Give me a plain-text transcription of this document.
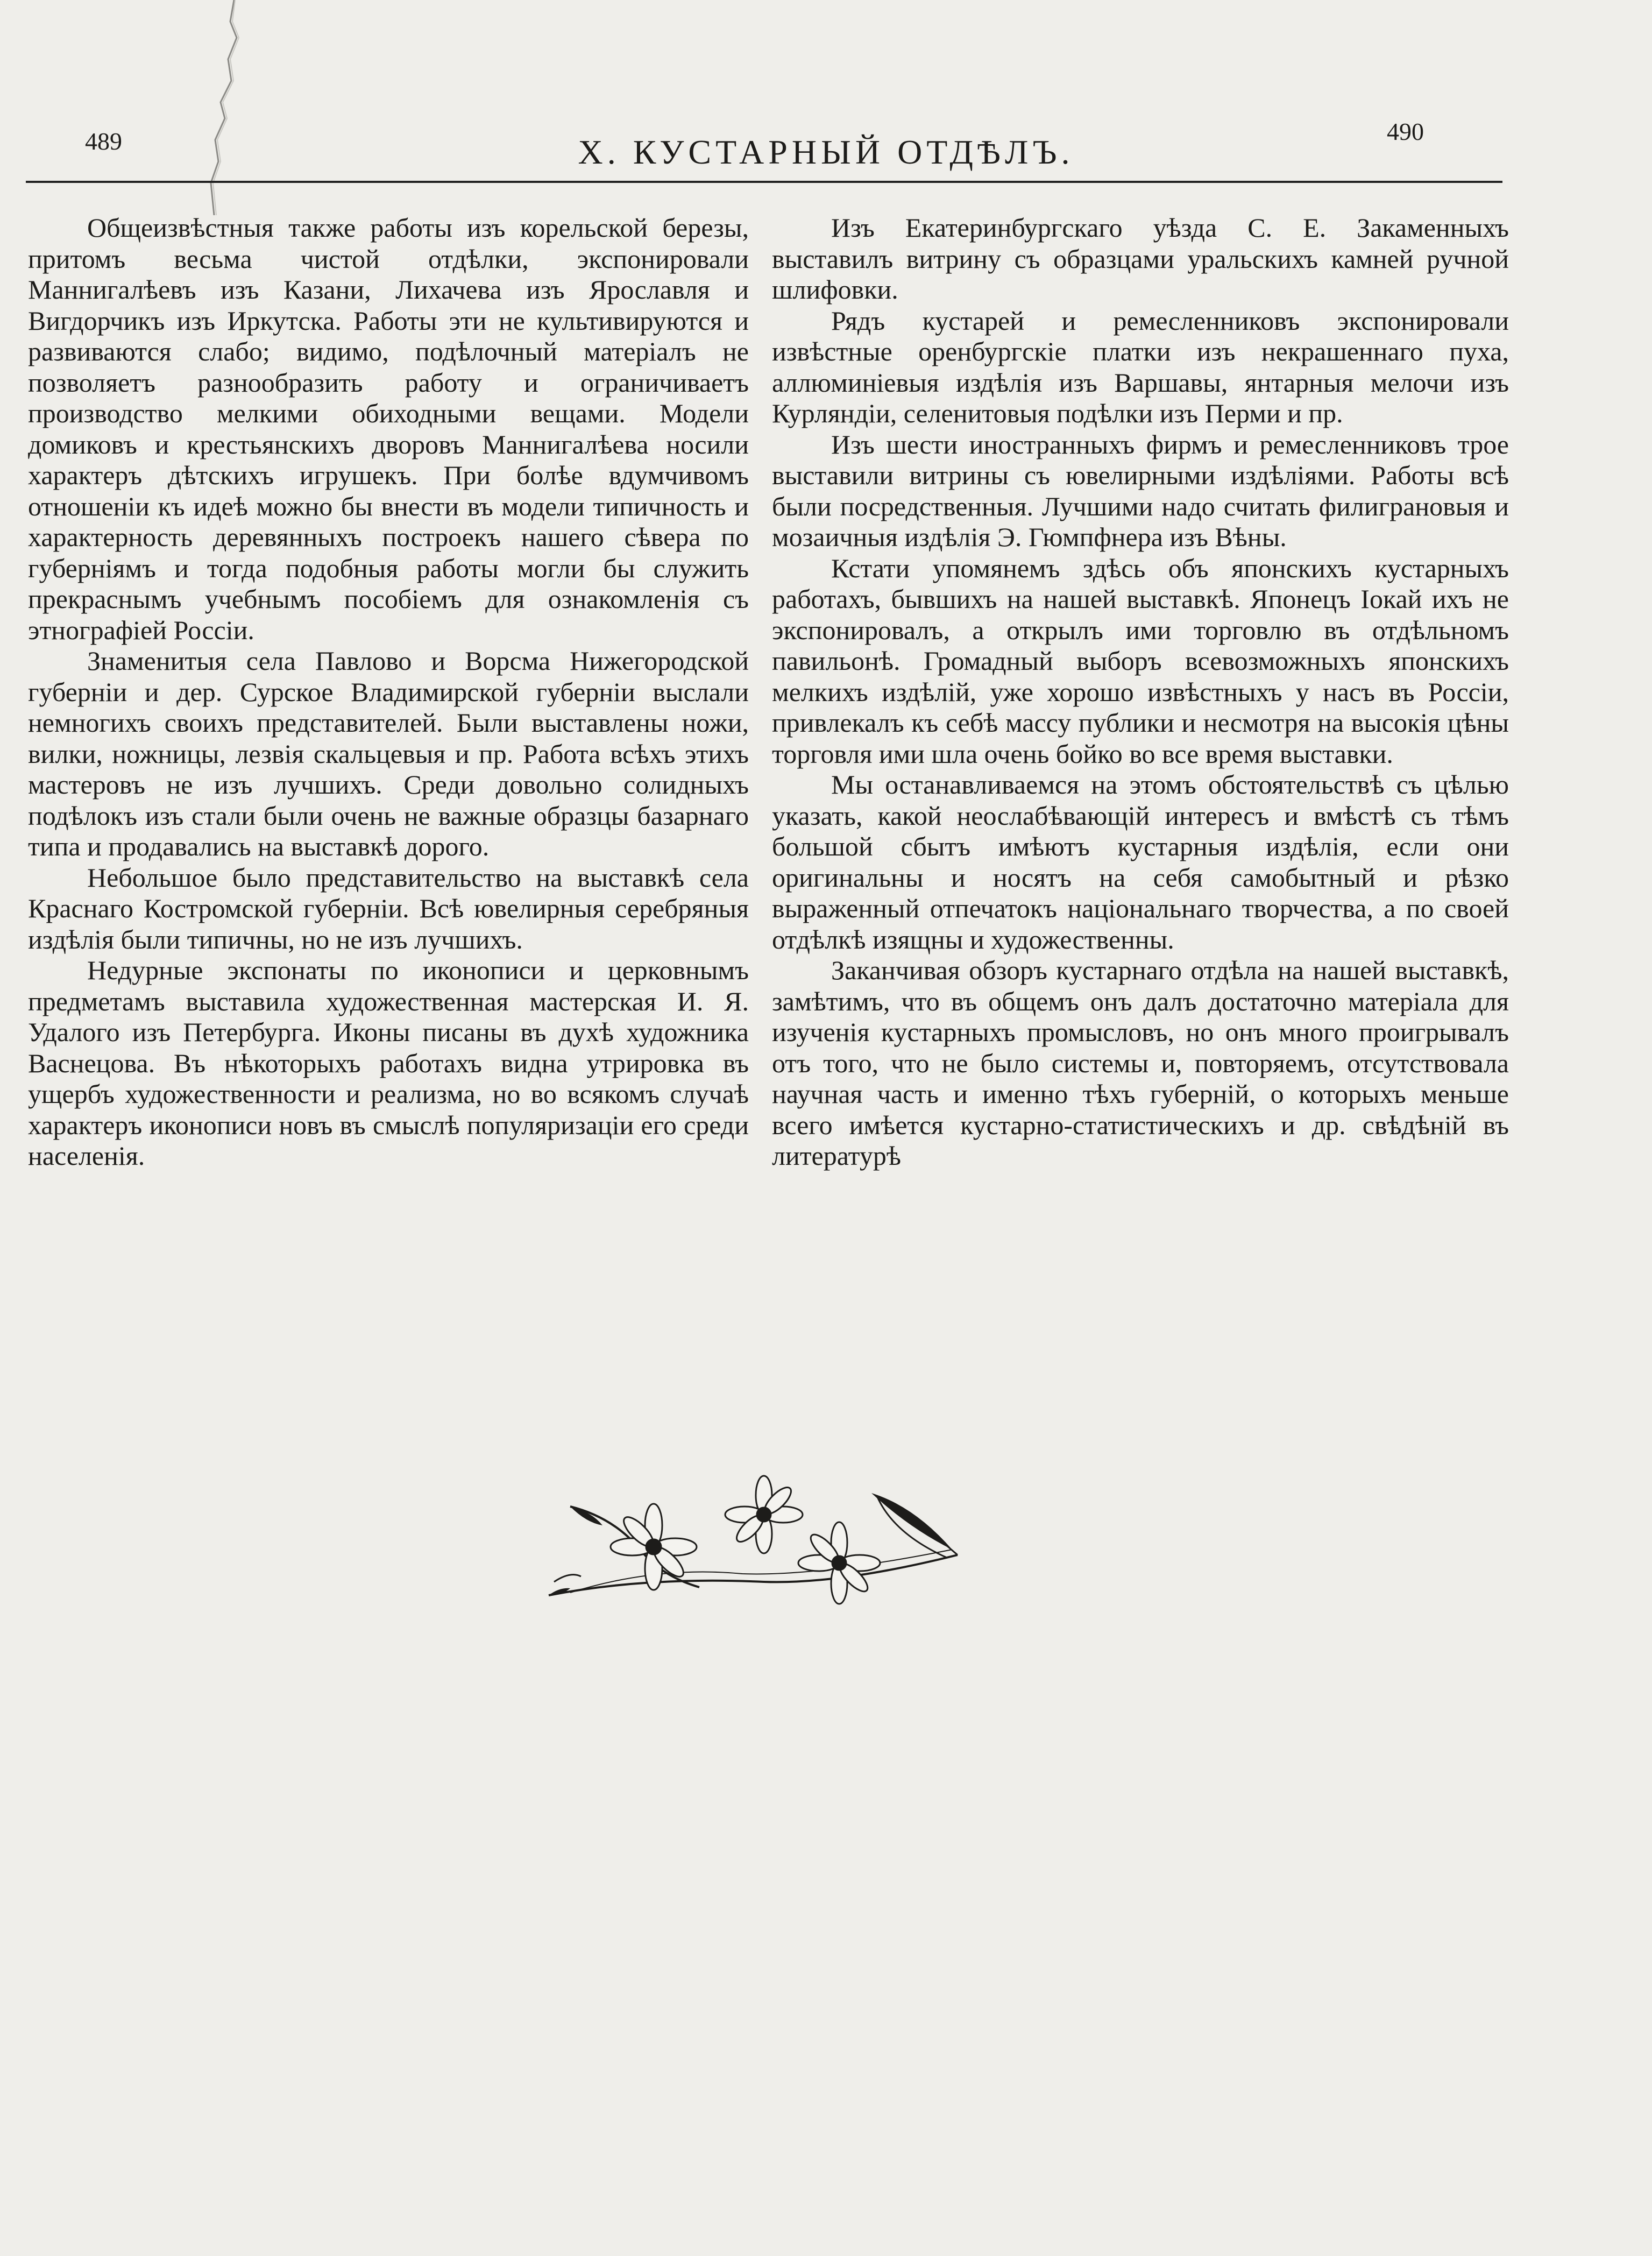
489	X. КУСТАРНЫЙ ОТДѢЛЪ.
490

Общеизвѣстныя также работы изъ корельской березы, притомъ весьма чистой отдѣлки, экспонировали Маннигалѣевъ изъ Казани, Лихачева изъ Ярославля и Вигдорчикъ изъ Иркутска. Работы эти не культивируются и развиваются слабо; видимо, подѣлочный матеріалъ не позволяетъ разнообразить работу и ограничиваетъ производство мелкими обиходными вещами. Модели домиковъ и крестьянскихъ дворовъ Маннигалѣева носили характеръ дѣтскихъ игрушекъ. При болѣе вдумчивомъ отношеніи къ идеѣ можно бы внести въ модели типичность и характерность деревянныхъ построекъ нашего сѣвера по губерніямъ и тогда подобныя работы могли бы служить прекраснымъ учебнымъ пособіемъ для ознакомленія съ этнографіей Россіи.

Знаменитыя села Павлово и Ворсма Нижегородской губерніи и дер. Сурское Владимирской губерніи выслали немногихъ своихъ представителей. Были выставлены ножи, вилки, ножницы, лезвія скальцевыя и пр. Работа всѣхъ этихъ мастеровъ не изъ лучшихъ. Среди довольно солидныхъ подѣлокъ изъ стали были очень не важные образцы базарнаго типа и продавались на выставкѣ дорого.

Небольшое было представительство на выставкѣ села Краснаго Костромской губерніи. Всѣ ювелирныя серебряныя издѣлія были типичны, но не изъ лучшихъ.

Недурные экспонаты по иконописи и церковнымъ предметамъ выставила художественная мастерская И. Я. Удалого изъ Петербурга. Иконы писаны въ духѣ художника Васнецова. Въ нѣкоторыхъ работахъ видна утрировка въ ущербъ художественности и реализма, но во всякомъ случаѣ характеръ иконописи новъ въ смыслѣ популяризаціи его среди населенія.

Изъ Екатеринбургскаго уѣзда С. Е. Закаменныхъ выставилъ витрину съ образцами уральскихъ камней ручной шлифовки.

Рядъ кустарей и ремесленниковъ экспонировали извѣстные оренбургскіе платки изъ некрашеннаго пуха, аллюминіевыя издѣлія изъ Варшавы, янтарныя мелочи изъ Курляндіи, селенитовыя подѣлки изъ Перми и пр.

Изъ шести иностранныхъ фирмъ и ремесленниковъ трое выставили витрины съ ювелирными издѣліями. Работы всѣ были посредственныя. Лучшими надо считать филиграновыя и мозаичныя издѣлія Э. Гюмпфнера изъ Вѣны.

Кстати упомянемъ здѣсь объ японскихъ кустарныхъ работахъ, бывшихъ на нашей выставкѣ. Японецъ Іокай ихъ не экспонировалъ, а открылъ ими торговлю въ отдѣльномъ павильонѣ. Громадный выборъ всевозможныхъ японскихъ мелкихъ издѣлій, уже хорошо извѣстныхъ у насъ въ Россіи, привлекалъ къ себѣ массу публики и несмотря на высокія цѣны торговля ими шла очень бойко во все время выставки.

Мы останавливаемся на этомъ обстоятельствѣ съ цѣлью указать, какой неослабѣвающій интересъ и вмѣстѣ съ тѣмъ большой сбытъ имѣютъ кустарныя издѣлія, если они оригинальны и носятъ на себя самобытный и рѣзко выраженный отпечатокъ національнаго творчества, а по своей отдѣлкѣ изящны и художественны.

Заканчивая обзоръ кустарнаго отдѣла на нашей выставкѣ, замѣтимъ, что въ общемъ онъ далъ достаточно матеріала для изученія кустарныхъ промысловъ, но онъ много проигрывалъ отъ того, что не было системы и, повторяемъ, отсутствовала научная часть и именно тѣхъ губерній, о которыхъ меньше всего имѣется кустарно-статистическихъ и др. свѣдѣній въ литературѣ
